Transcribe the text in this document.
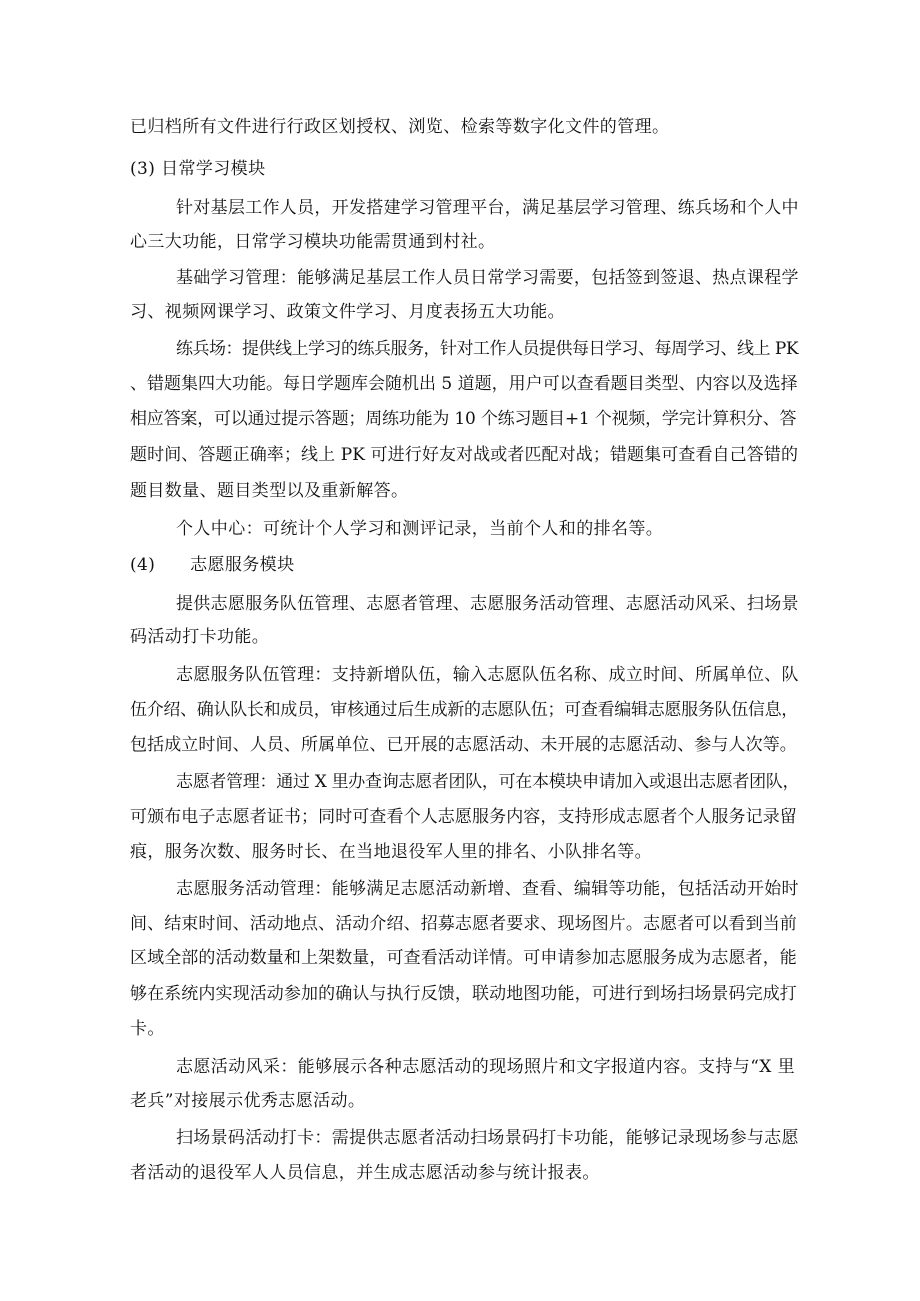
已归档所有文件进行行政区划授权、浏览、检索等数字化文件的管理。

(3) 日常学习模块

针对基层工作人员，开发搭建学习管理平台，满足基层学习管理、练兵场和个人中

心三大功能，日常学习模块功能需贯通到村社。

基础学习管理：能够满足基层工作人员日常学习需要，包括签到签退、热点课程学

习、视频网课学习、政策文件学习、月度表扬五大功能。

练兵场：提供线上学习的练兵服务，针对工作人员提供每日学习、每周学习、线上 PK

、错题集四大功能。每日学题库会随机出 5 道题，用户可以查看题目类型、内容以及选择

相应答案，可以通过提示答题；周练功能为 10 个练习题目+1 个视频，学完计算积分、答

题时间、答题正确率；线上 PK 可进行好友对战或者匹配对战；错题集可查看自己答错的

题目数量、题目类型以及重新解答。

个人中心：可统计个人学习和测评记录，当前个人和的排名等。

(4)　　志愿服务模块

提供志愿服务队伍管理、志愿者管理、志愿服务活动管理、志愿活动风采、扫场景

码活动打卡功能。

志愿服务队伍管理：支持新增队伍，输入志愿队伍名称、成立时间、所属单位、队

伍介绍、确认队长和成员，审核通过后生成新的志愿队伍；可查看编辑志愿服务队伍信息，

包括成立时间、人员、所属单位、已开展的志愿活动、未开展的志愿活动、参与人次等。

志愿者管理：通过 X 里办查询志愿者团队，可在本模块申请加入或退出志愿者团队，

可颁布电子志愿者证书；同时可查看个人志愿服务内容，支持形成志愿者个人服务记录留

痕，服务次数、服务时长、在当地退役军人里的排名、小队排名等。

志愿服务活动管理：能够满足志愿活动新增、查看、编辑等功能，包括活动开始时

间、结束时间、活动地点、活动介绍、招募志愿者要求、现场图片。志愿者可以看到当前

区域全部的活动数量和上架数量，可查看活动详情。可申请参加志愿服务成为志愿者，能

够在系统内实现活动参加的确认与执行反馈，联动地图功能，可进行到场扫场景码完成打

卡。

志愿活动风采：能够展示各种志愿活动的现场照片和文字报道内容。支持与“X 里

老兵”对接展示优秀志愿活动。

扫场景码活动打卡：需提供志愿者活动扫场景码打卡功能，能够记录现场参与志愿

者活动的退役军人人员信息，并生成志愿活动参与统计报表。
